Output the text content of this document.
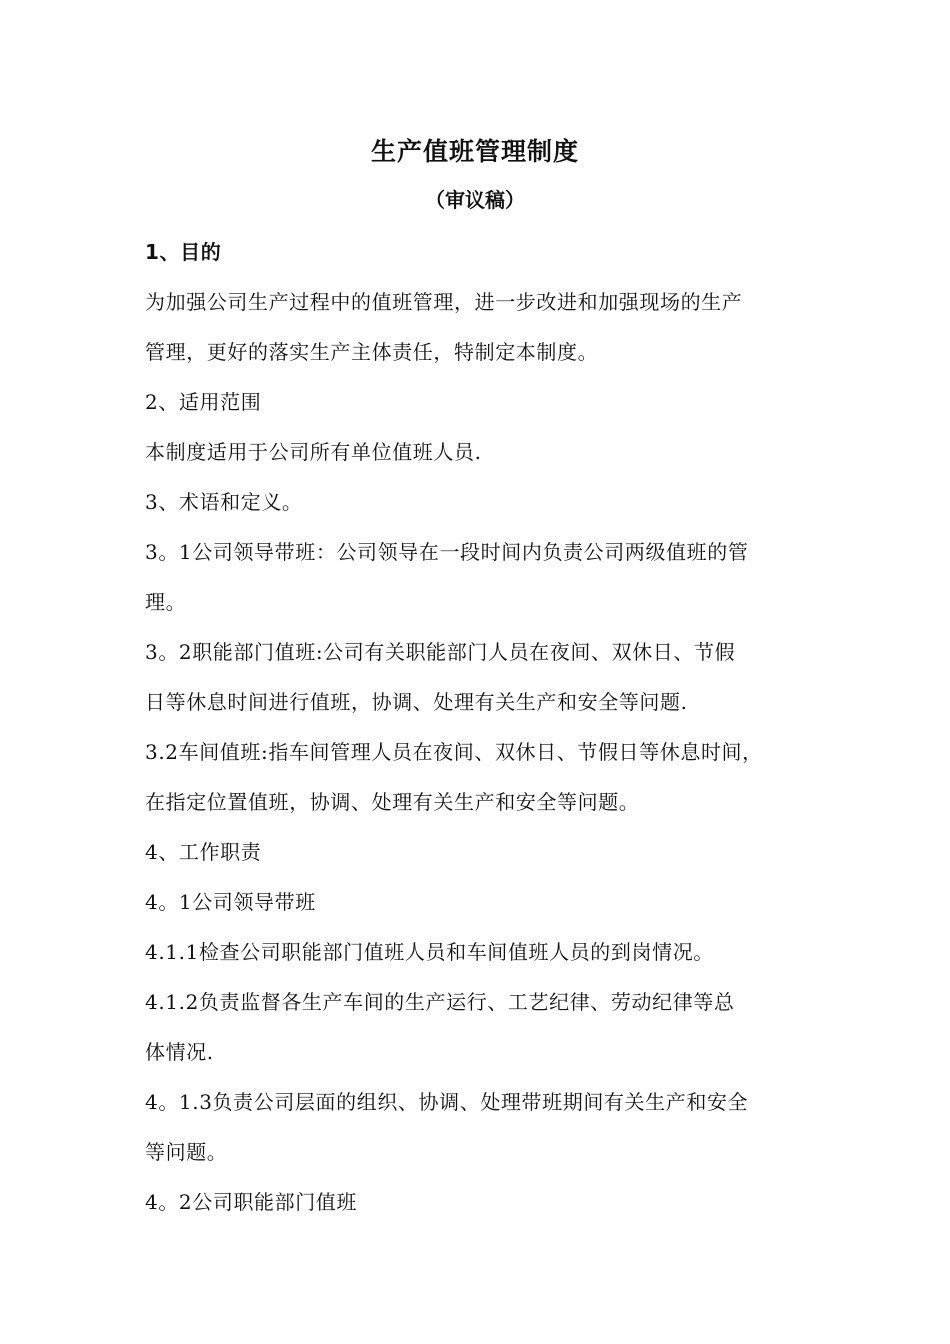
生产值班管理制度
（审议稿）
1、目的
为加强公司生产过程中的值班管理，进一步改进和加强现场的生产
管理，更好的落实生产主体责任，特制定本制度。
2、适用范围
本制度适用于公司所有单位值班人员.
3、术语和定义。
3。1公司领导带班：公司领导在一段时间内负责公司两级值班的管
理。
3。2职能部门值班:公司有关职能部门人员在夜间、双休日、节假
日等休息时间进行值班，协调、处理有关生产和安全等问题.
3.2车间值班:指车间管理人员在夜间、双休日、节假日等休息时间，
在指定位置值班，协调、处理有关生产和安全等问题。
4、工作职责
4。1公司领导带班
4.1.1检查公司职能部门值班人员和车间值班人员的到岗情况。
4.1.2负责监督各生产车间的生产运行、工艺纪律、劳动纪律等总
体情况.
4。1.3负责公司层面的组织、协调、处理带班期间有关生产和安全
等问题。
4。2公司职能部门值班
